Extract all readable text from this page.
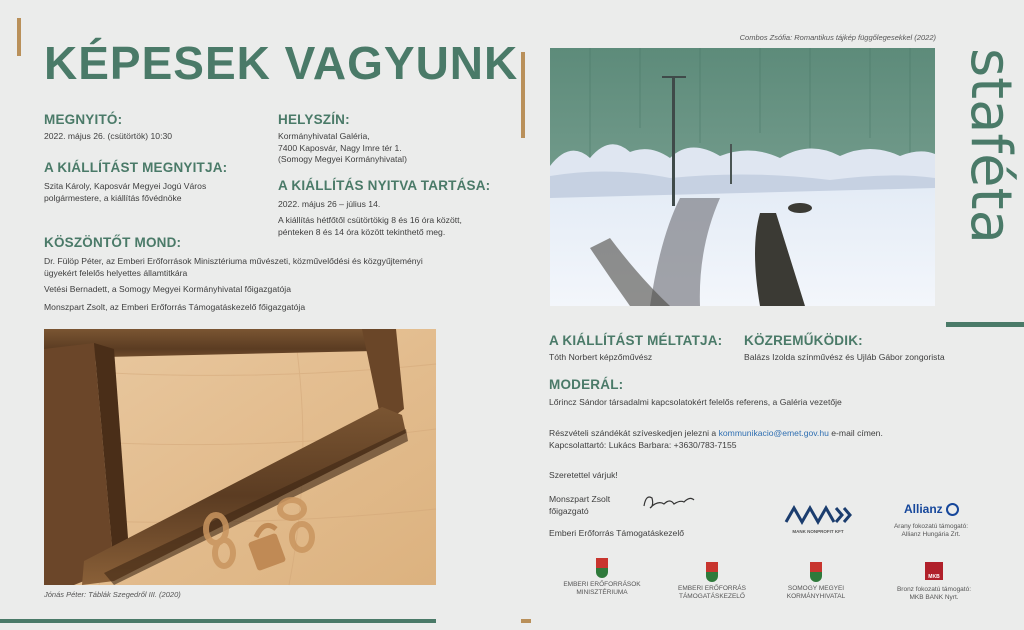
KÉPESEK VAGYUNK
MEGNYITÓ:
2022. május 26. (csütörtök) 10:30
HELYSZÍN:
Kormányhivatal Galéria,
7400 Kaposvár, Nagy Imre tér 1.
(Somogy Megyei Kormányhivatal)
A KIÁLLÍTÁST MEGNYITJA:
Szita Károly, Kaposvár Megyei Jogú Város
polgármestere, a kiállítás fővédnöke
A KIÁLLÍTÁS NYITVA TARTÁSA:
2022. május 26 – július 14.
A kiállítás hétfőtől csütörtökig 8 és 16 óra között,
pénteken 8 és 14 óra között tekinthető meg.
KÖSZÖNTŐT MOND:
Dr. Fülöp Péter, az Emberi Erőforrások Minisztériuma művészeti, közművelődési és közgyűjteményi
ügyekért felelős helyettes államtitkára
Vetési Bernadett, a Somogy Megyei Kormányhivatal főigazgatója
Monszpart Zsolt, az Emberi Erőforrás Támogatáskezelő főigazgatója
Jónás Péter: Táblák Szegedről III. (2020)
Combos Zsófia: Romantikus tájkép függőlegesekkel (2022)
staféta
A KIÁLLÍTÁST MÉLTATJA:
Tóth Norbert képzőművész
KÖZREMŰKÖDIK:
Balázs Izolda színművész és Ujláb Gábor zongorista
MODERÁL:
Lőrincz Sándor társadalmi kapcsolatokért felelős referens, a Galéria vezetője
Részvételi szándékát szíveskedjen jelezni a kommunikacio@emet.gov.hu e-mail címen.
Kapcsolattartó: Lukács Barbara: +3630/783-7155
Szeretettel várjuk!
Monszpart Zsolt
főigazgató
Emberi Erőforrás Támogatáskezelő	MANK NONPROFIT KFT
Allianz
Arany fokozatú támogató:
Allianz Hungária Zrt.
EMBERI ERŐFORRÁSOK
MINISZTÉRIUMA
EMBERI ERŐFORRÁS
TÁMOGATÁSKEZELŐ
SOMOGY MEGYEI
KORMÁNYHIVATAL
MKB
Bronz fokozatú támogató:
MKB BANK Nyrt.
